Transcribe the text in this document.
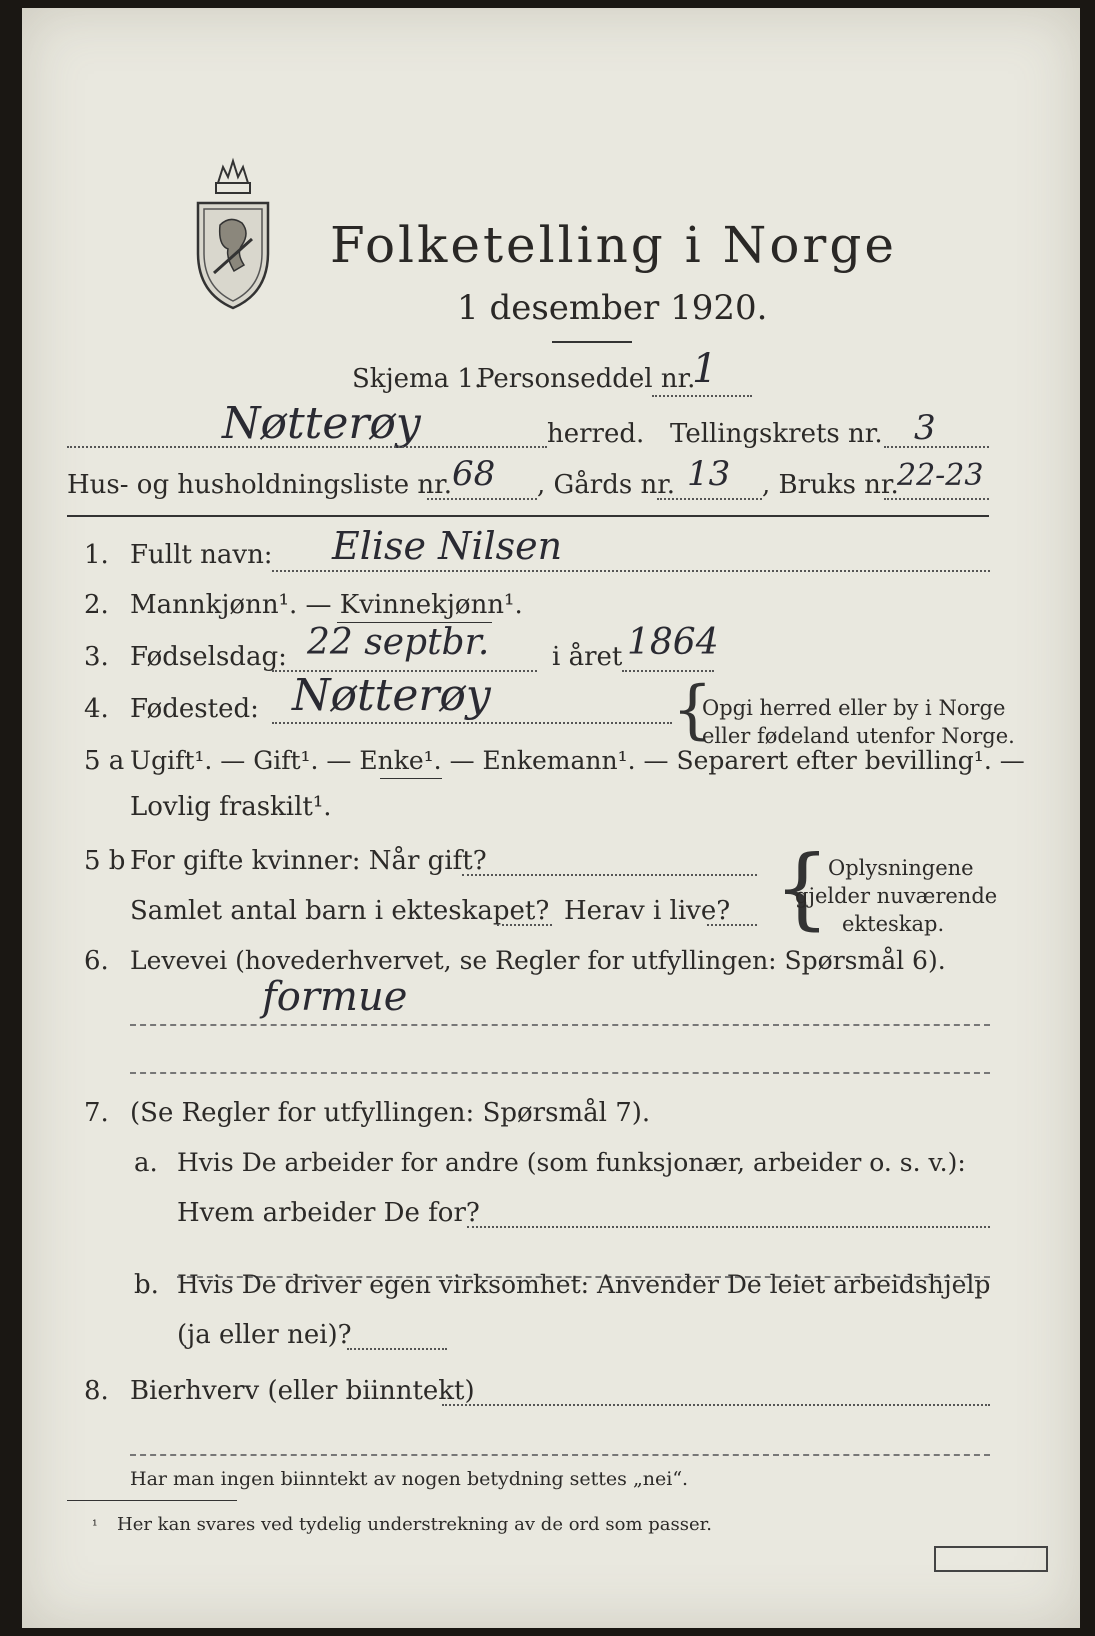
Folketelling i Norge
1 desember 1920.
Skjema 1.
Personseddel nr.
1
Nøtterøy	herred. Tellingskrets nr. 3
Hus- og husholdningsliste nr. 68 , Gårds nr. 13 , Bruks nr.
22-23
1. Fullt navn: Elise Nilsen
2. Mannkjønn¹. — Kvinnekjønn¹.
3. Fødselsdag: 22 septbr. i året 1864
4. Fødested: Nøtterøy	{
Opgi herred eller by i Norge
eller fødeland utenfor Norge.
5 a Ugift¹. — Gift¹. — Enke¹. — Enkemann¹. — Separert efter bevilling¹. —
Lovlig fraskilt¹.
5 b For gifte kvinner: Når gift?
Samlet antal barn i ekteskapet? Herav i live? {
Oplysningene
gjelder nuværende
ekteskap.
6. Levevei (hovederhvervet, se Regler for utfyllingen: Spørsmål 6).
formue
7. (Se Regler for utfyllingen: Spørsmål 7).
a. Hvis De arbeider for andre (som funksjonær, arbeider o. s. v.):
Hvem arbeider De for?
b. Hvis De driver egen virksomhet: Anvender De leiet arbeidshjelp
(ja eller nei)?
8. Bierhverv (eller biinntekt)
Har man ingen biinntekt av nogen betydning settes „nei“.
¹ Her kan svares ved tydelig understrekning av de ord som passer.
